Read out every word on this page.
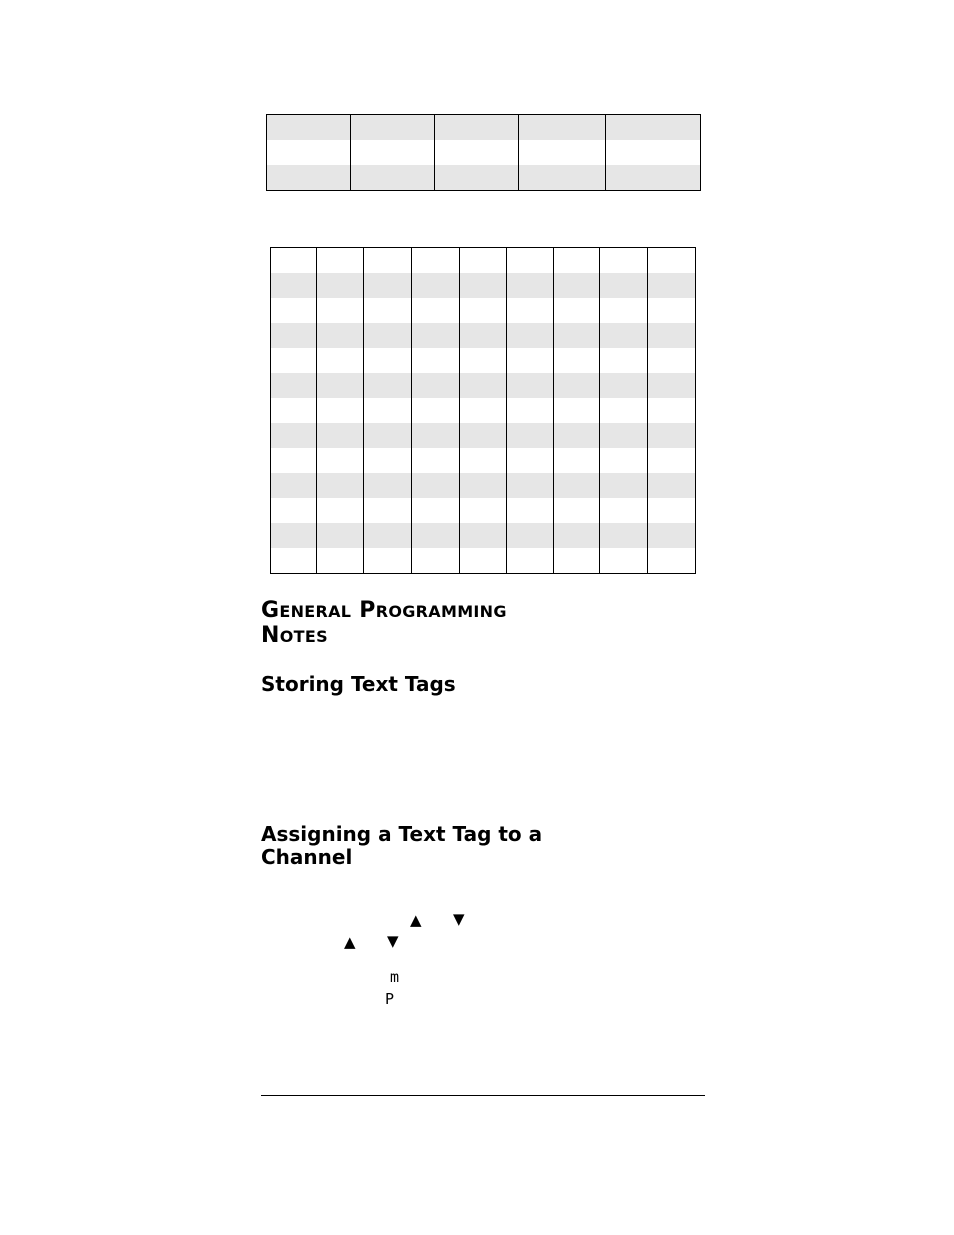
GENERAL PROGRAMMING
NOTES
Storing Text Tags
Assigning a Text Tag to a
Channel
▲ ▼
▲ ▼
m
P
